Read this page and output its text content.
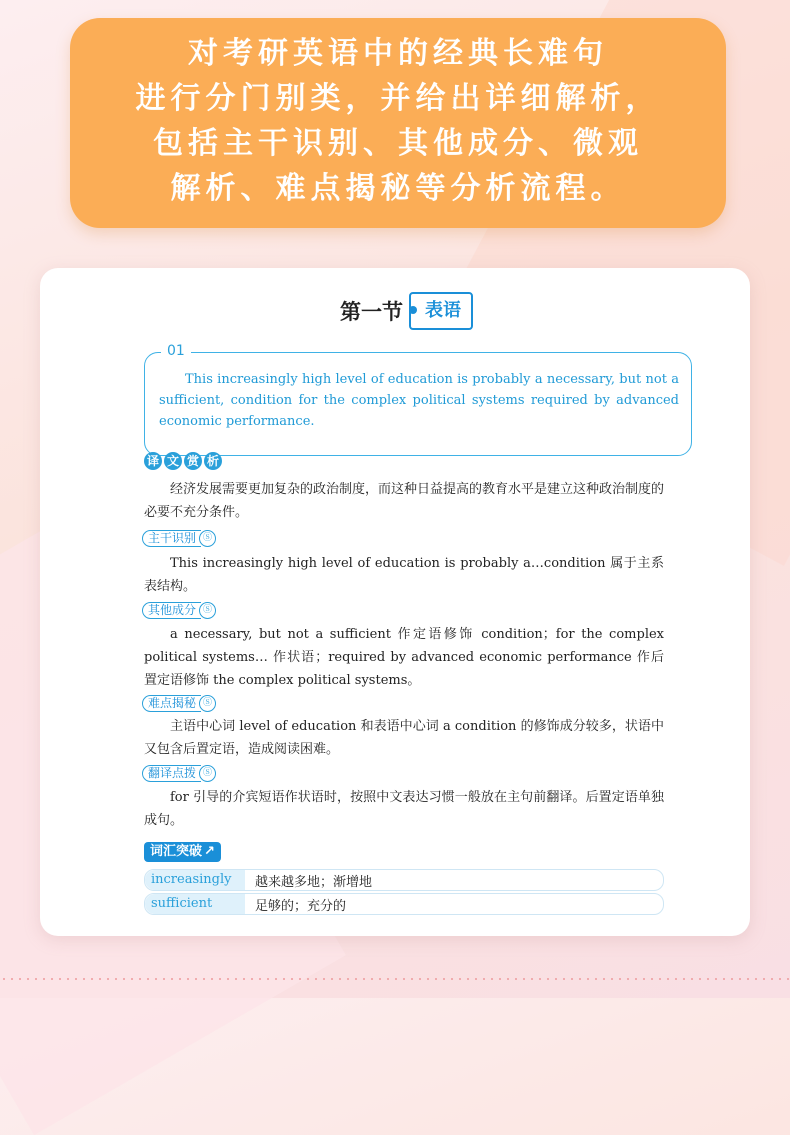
对考研英语中的经典长难句
进行分门别类，并给出详细解析，
包括主干识别、其他成分、微观
解析、难点揭秘等分析流程。
第一节	表语
01

This increasingly high level of education is probably a necessary, but not a sufficient, condition for the complex political systems required by advanced economic performance.

译 文 赏 析
经济发展需要更加复杂的政治制度，而这种日益提高的教育水平是建立这种政治制度的必要不充分条件。
主干识别 Ⓢ
This increasingly high level of education is probably a…condition 属于主系表结构。
其他成分 Ⓢ
a necessary, but not a sufficient 作定语修饰 condition；for the complex political systems… 作状语；required by advanced economic performance 作后置定语修饰 the complex political systems。
难点揭秘 Ⓢ
主语中心词 level of education 和表语中心词 a condition 的修饰成分较多，状语中又包含后置定语，造成阅读困难。
翻译点拨 Ⓢ
for 引导的介宾短语作状语时，按照中文表达习惯一般放在主句前翻译。后置定语单独成句。
词汇突破 ↗
increasingly	越来越多地；渐增地
sufficient	足够的；充分的
